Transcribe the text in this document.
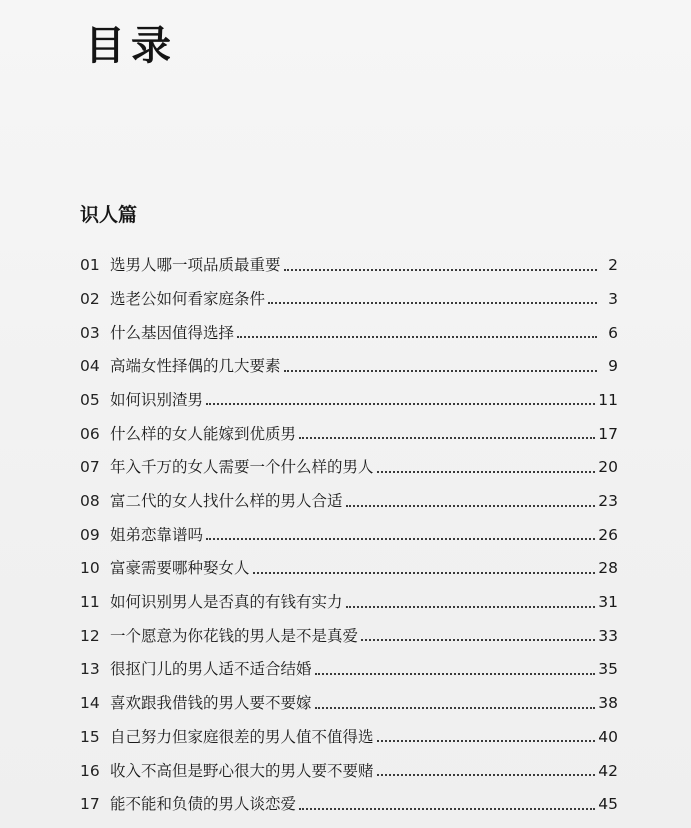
目录
识人篇
01 选男人哪一项品质最重要	2
02 选老公如何看家庭条件	3
03 什么基因值得选择	6
04 高端女性择偶的几大要素	9
05 如何识别渣男	11
06 什么样的女人能嫁到优质男	17
07 年入千万的女人需要一个什么样的男人	20
08 富二代的女人找什么样的男人合适	23
09 姐弟恋靠谱吗	26
10 富豪需要哪种娶女人	28
11 如何识别男人是否真的有钱有实力	31
12 一个愿意为你花钱的男人是不是真爱	33
13 很抠门儿的男人适不适合结婚	35
14 喜欢跟我借钱的男人要不要嫁	38
15 自己努力但家庭很差的男人值不值得选	40
16 收入不高但是野心很大的男人要不要赌	42
17 能不能和负债的男人谈恋爱	45
